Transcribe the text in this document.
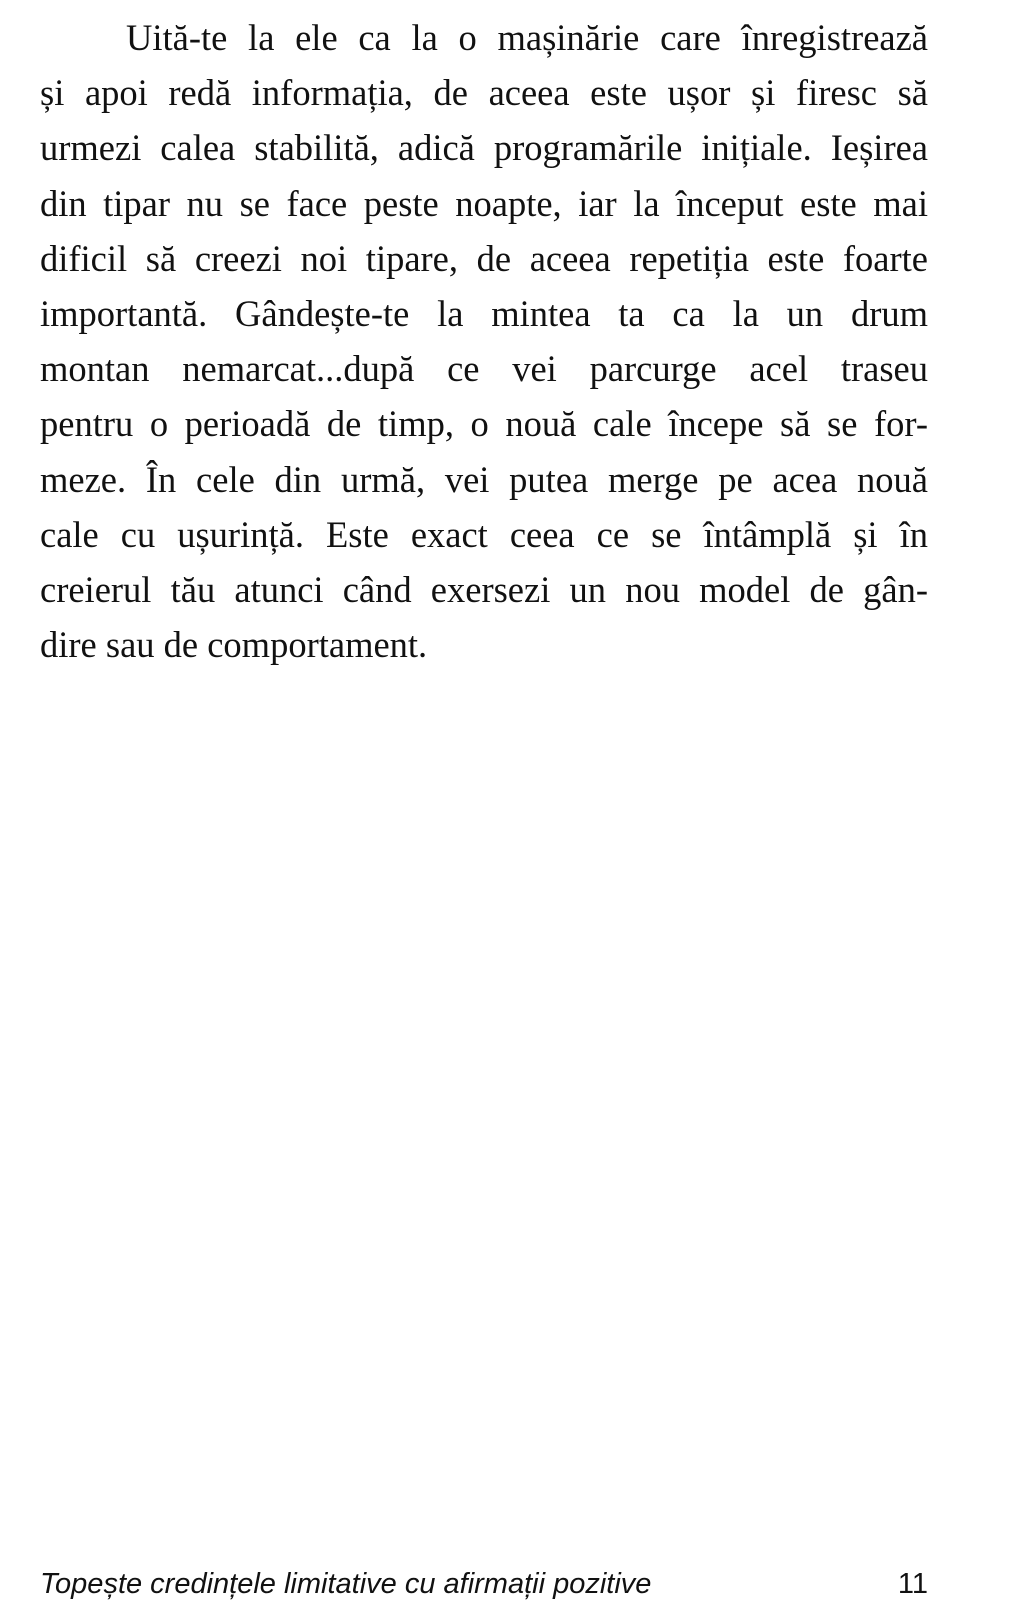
Uită-te la ele ca la o mașinărie care înregistrează
și apoi redă informația, de aceea este ușor și firesc să
urmezi calea stabilită, adică programările inițiale. Ieșirea
din tipar nu se face peste noapte, iar la început este mai
dificil să creezi noi tipare, de aceea repetiția este foarte
importantă. Gândește-te la mintea ta ca la un drum
montan nemarcat...după ce vei parcurge acel traseu
pentru o perioadă de timp, o nouă cale începe să se for-
meze. În cele din urmă, vei putea merge pe acea nouă
cale cu ușurință. Este exact ceea ce se întâmplă și în
creierul tău atunci când exersezi un nou model de gân-
dire sau de comportament.
Topește credințele limitative cu afirmații pozitive	11
